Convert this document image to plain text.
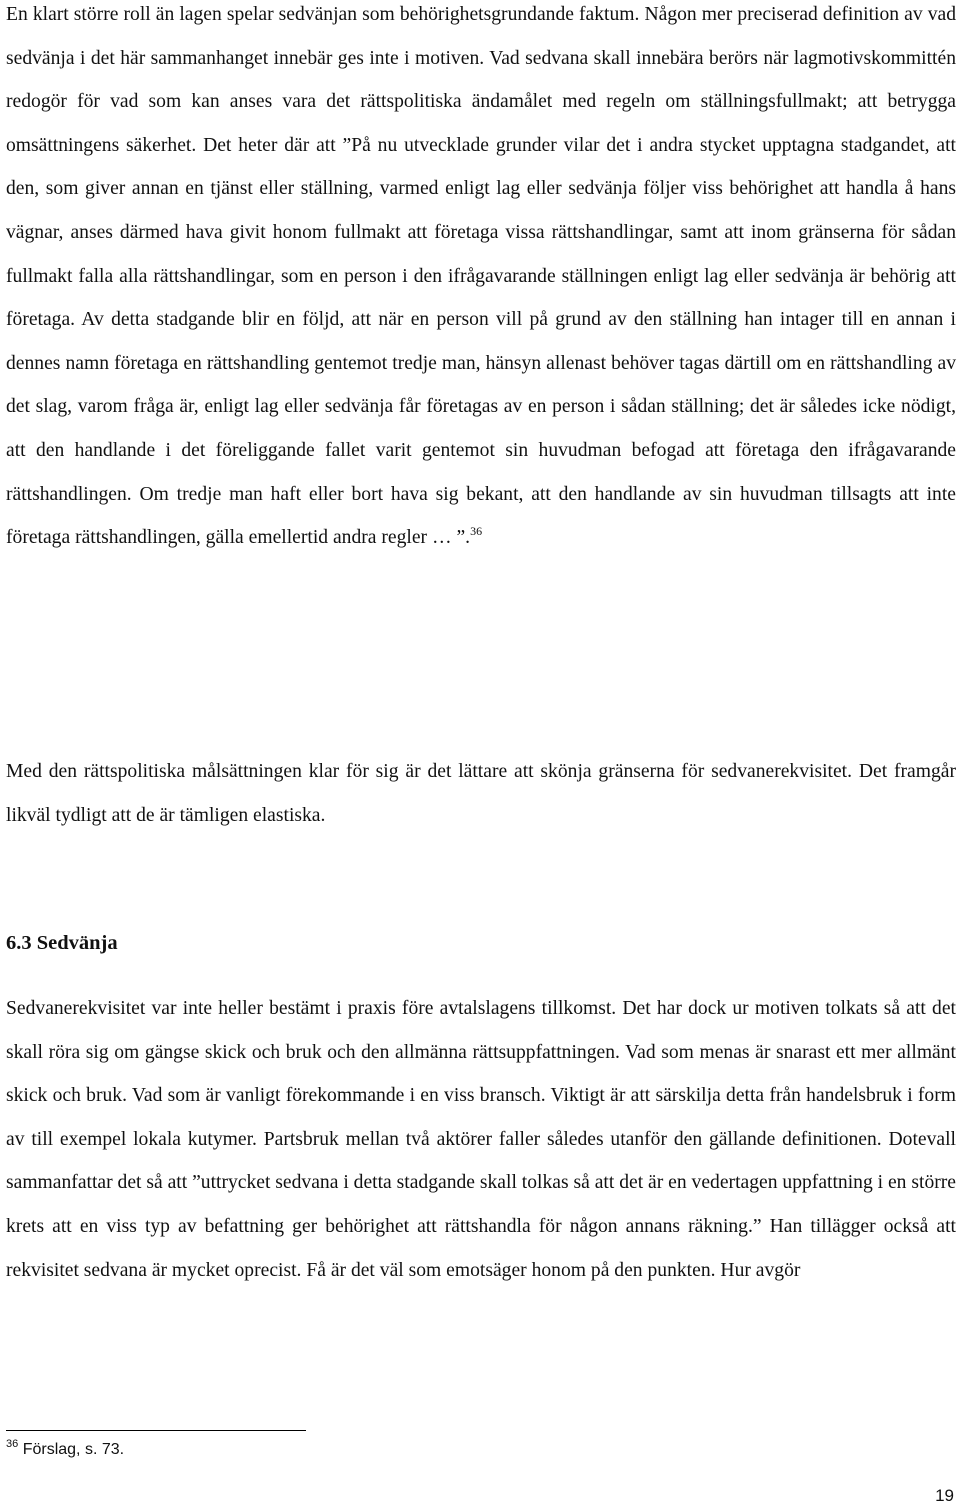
En klart större roll än lagen spelar sedvänjan som behörighetsgrundande faktum. Någon mer preciserad definition av vad sedvänja i det här sammanhanget innebär ges inte i motiven. Vad sedvana skall innebära berörs när lagmotivskommittén redogör för vad som kan anses vara det rättspolitiska ändamålet med regeln om ställningsfullmakt; att betrygga omsättningens säkerhet. Det heter där att ”På nu utvecklade grunder vilar det i andra stycket upptagna stadgandet, att den, som giver annan en tjänst eller ställning, varmed enligt lag eller sedvänja följer viss behörighet att handla å hans vägnar, anses därmed hava givit honom fullmakt att företaga vissa rättshandlingar, samt att inom gränserna för sådan fullmakt falla alla rättshandlingar, som en person i den ifrågavarande ställningen enligt lag eller sedvänja är behörig att företaga. Av detta stadgande blir en följd, att när en person vill på grund av den ställning han intager till en annan i dennes namn företaga en rättshandling gentemot tredje man, hänsyn allenast behöver tagas därtill om en rättshandling av det slag, varom fråga är, enligt lag eller sedvänja får företagas av en person i sådan ställning; det är således icke nödigt, att den handlande i det föreliggande fallet varit gentemot sin huvudman befogad att företaga den ifrågavarande rättshandlingen. Om tredje man haft eller bort hava sig bekant, att den handlande av sin huvudman tillsagts att inte företaga rättshandlingen, gälla emellertid andra regler … ”.$^{36}$

Med den rättspolitiska målsättningen klar för sig är det lättare att skönja gränserna för sedvanerekvisitet. Det framgår likväl tydligt att de är tämligen elastiska.

6.3 Sedvänja

Sedvanerekvisitet var inte heller bestämt i praxis före avtalslagens tillkomst. Det har dock ur motiven tolkats så att det skall röra sig om gängse skick och bruk och den allmänna rättsuppfattningen. Vad som menas är snarast ett mer allmänt skick och bruk. Vad som är vanligt förekommande i en viss bransch. Viktigt är att särskilja detta från handelsbruk i form av till exempel lokala kutymer. Partsbruk mellan två aktörer faller således utanför den gällande definitionen. Dotevall sammanfattar det så att ”uttrycket sedvana i detta stadgande skall tolkas så att det är en vedertagen uppfattning i en större krets att en viss typ av befattning ger behörighet att rättshandla för någon annans räkning.” Han tillägger också att rekvisitet sedvana är mycket oprecist. Få är det väl som emotsäger honom på den punkten. Hur avgör

$^{36}$ Förslag, s. 73.

19
